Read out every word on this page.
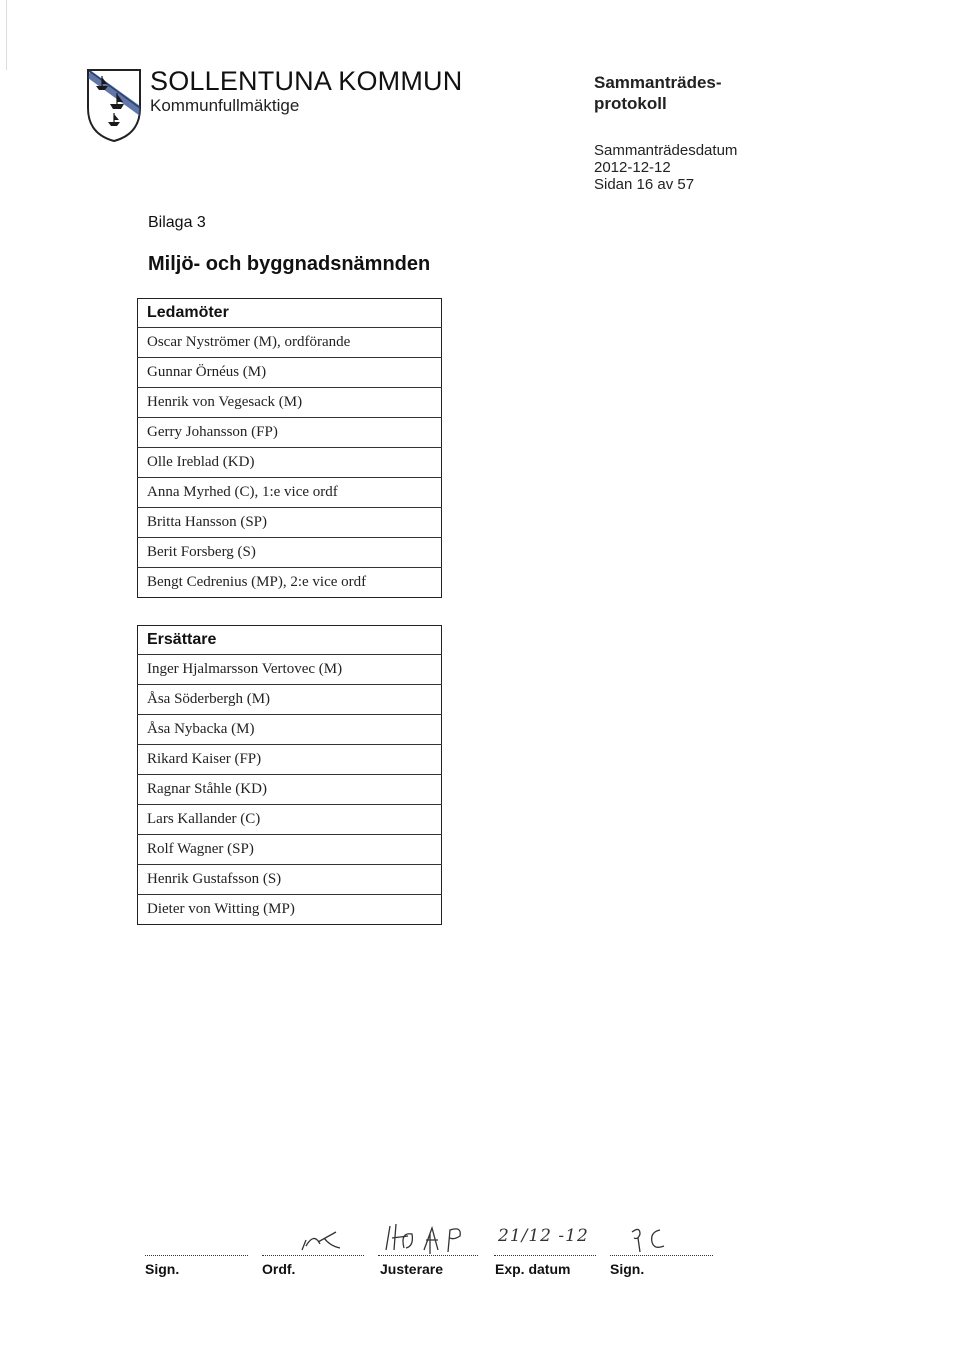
SOLLENTUNA KOMMUN
Kommunfullmäktige
Sammanträdes-
protokoll
Sammanträdesdatum
2012-12-12
Sidan 16 av 57
Bilaga 3
Miljö- och byggnadsnämnden
Ledamöter
Oscar Nyströmer (M), ordförande
Gunnar Örnéus (M)
Henrik von Vegesack (M)
Gerry Johansson (FP)
Olle Ireblad (KD)
Anna Myrhed (C), 1:e vice ordf
Britta Hansson (SP)
Berit Forsberg (S)
Bengt Cedrenius (MP), 2:e vice ordf
Ersättare
Inger Hjalmarsson Vertovec (M)
Åsa Söderbergh (M)
Åsa Nybacka (M)
Rikard Kaiser (FP)
Ragnar Ståhle (KD)
Lars Kallander (C)
Rolf Wagner (SP)
Henrik Gustafsson (S)
Dieter von Witting (MP)
21/12 -12
Sign.	Ordf.	Justerare	Exp. datum	Sign.
